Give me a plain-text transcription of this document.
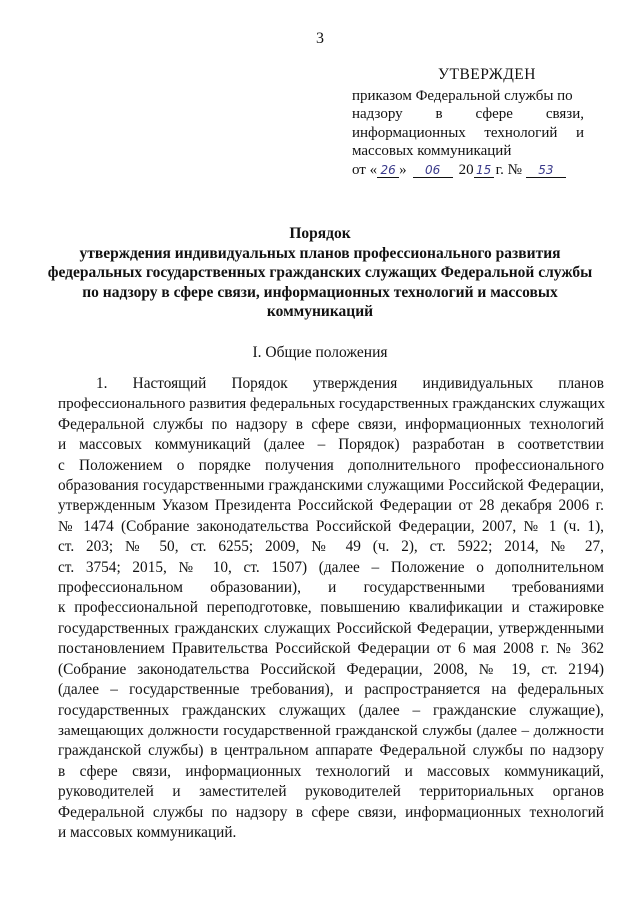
3
УТВЕРЖДЕН
приказом Федеральной службы по
надзору в сфере связи,
информационных технологий и
массовых коммуникаций
от « 26 »	06	20 15 г. №	53
Порядок
утверждения индивидуальных планов профессионального развития
федеральных государственных гражданских служащих Федеральной службы
по надзору в сфере связи, информационных технологий и массовых
коммуникаций
I. Общие положения
1. Настоящий Порядок утверждения индивидуальных планов
профессионального развития федеральных государственных гражданских служащих
Федеральной службы по надзору в сфере связи, информационных технологий
и массовых коммуникаций (далее – Порядок) разработан в соответствии
с Положением о порядке получения дополнительного профессионального
образования государственными гражданскими служащими Российской Федерации,
утвержденным Указом Президента Российской Федерации от 28 декабря 2006 г.
№ 1474 (Собрание законодательства Российской Федерации, 2007, № 1 (ч. 1),
ст. 203; № 50, ст. 6255; 2009, № 49 (ч. 2), ст. 5922; 2014, № 27,
ст. 3754; 2015, № 10, ст. 1507) (далее – Положение о дополнительном
профессиональном образовании), и государственными требованиями
к профессиональной переподготовке, повышению квалификации и стажировке
государственных гражданских служащих Российской Федерации, утвержденными
постановлением Правительства Российской Федерации от 6 мая 2008 г. № 362
(Собрание законодательства Российской Федерации, 2008, № 19, ст. 2194)
(далее – государственные требования), и распространяется на федеральных
государственных гражданских служащих (далее – гражданские служащие),
замещающих должности государственной гражданской службы (далее – должности
гражданской службы) в центральном аппарате Федеральной службы по надзору
в сфере связи, информационных технологий и массовых коммуникаций,
руководителей и заместителей руководителей территориальных органов
Федеральной службы по надзору в сфере связи, информационных технологий
и массовых коммуникаций.
